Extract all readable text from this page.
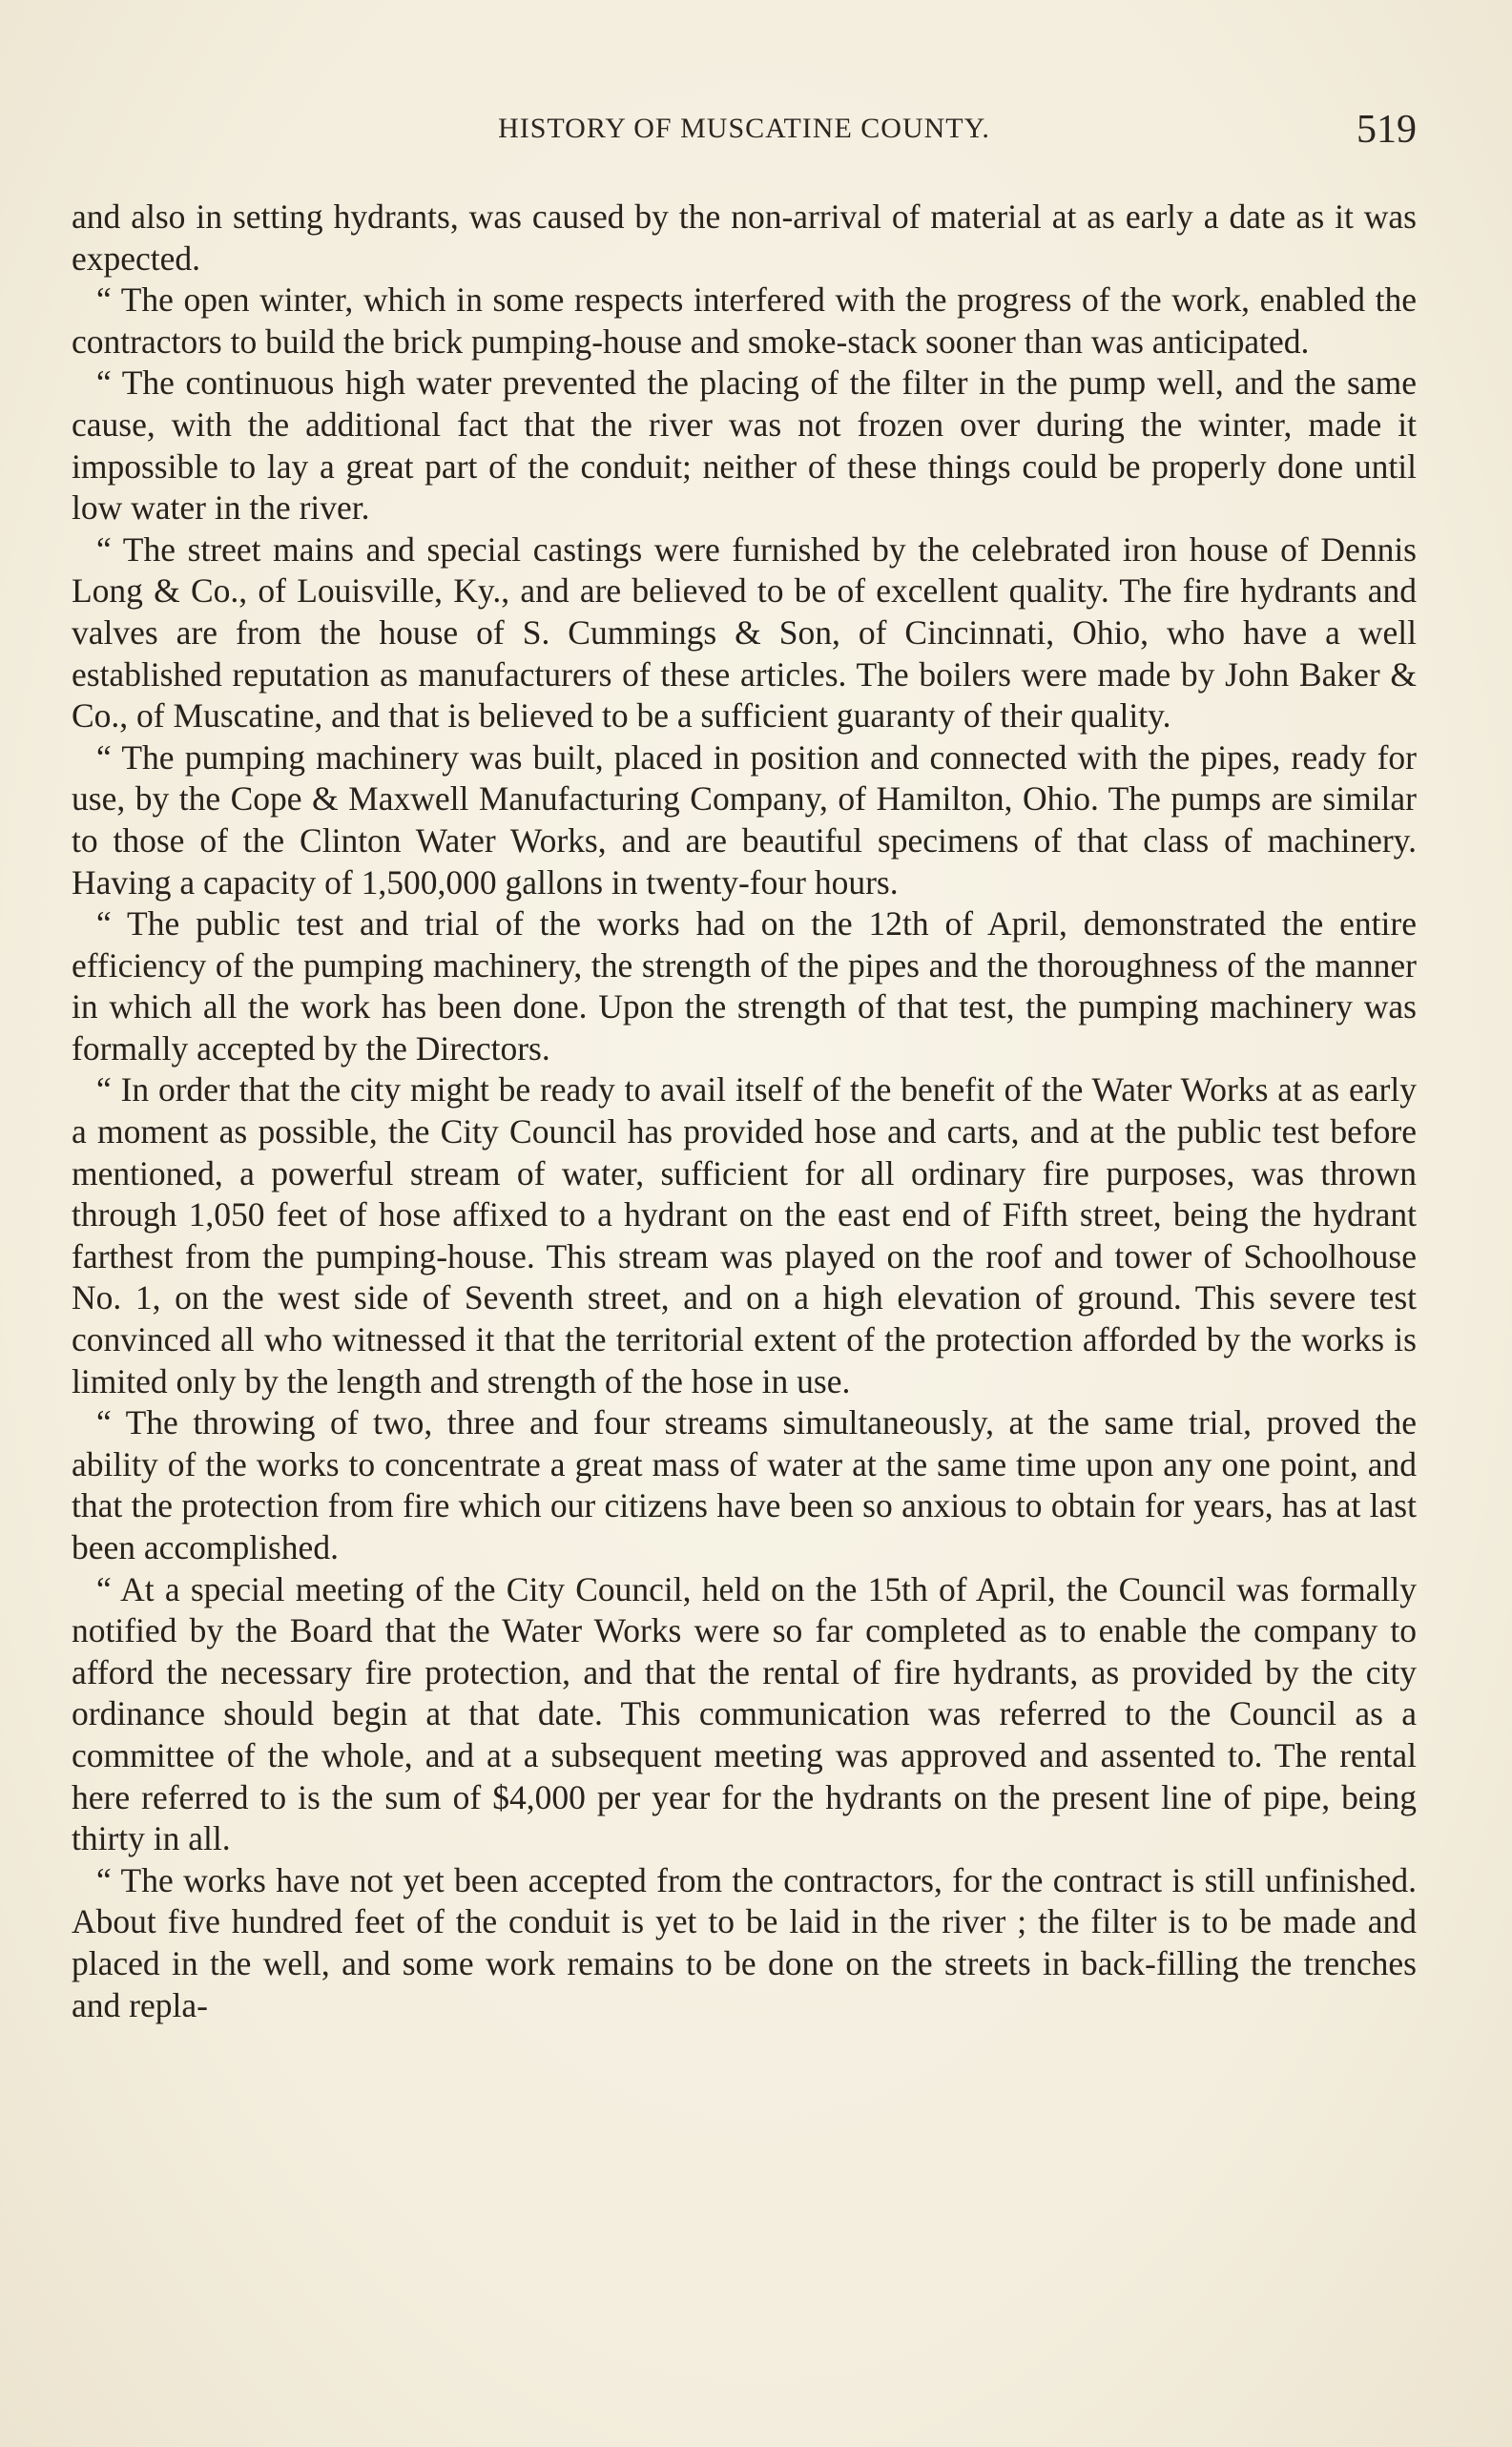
HISTORY OF MUSCATINE COUNTY.	519

and also in setting hydrants, was caused by the non-arrival of material at as early a date as it was expected.

“ The open winter, which in some respects interfered with the progress of the work, enabled the contractors to build the brick pumping-house and smoke-stack sooner than was anticipated.

“ The continuous high water prevented the placing of the filter in the pump well, and the same cause, with the additional fact that the river was not frozen over during the winter, made it impossible to lay a great part of the conduit; neither of these things could be properly done until low water in the river.

“ The street mains and special castings were furnished by the celebrated iron house of Dennis Long & Co., of Louisville, Ky., and are believed to be of excellent quality. The fire hydrants and valves are from the house of S. Cummings & Son, of Cincinnati, Ohio, who have a well established reputation as manufacturers of these articles. The boilers were made by John Baker & Co., of Muscatine, and that is believed to be a sufficient guaranty of their quality.

“ The pumping machinery was built, placed in position and connected with the pipes, ready for use, by the Cope & Maxwell Manufacturing Company, of Hamilton, Ohio. The pumps are similar to those of the Clinton Water Works, and are beautiful specimens of that class of machinery. Having a capacity of 1,500,000 gallons in twenty-four hours.

“ The public test and trial of the works had on the 12th of April, demonstrated the entire efficiency of the pumping machinery, the strength of the pipes and the thoroughness of the manner in which all the work has been done. Upon the strength of that test, the pumping machinery was formally accepted by the Directors.

“ In order that the city might be ready to avail itself of the benefit of the Water Works at as early a moment as possible, the City Council has provided hose and carts, and at the public test before mentioned, a powerful stream of water, sufficient for all ordinary fire purposes, was thrown through 1,050 feet of hose affixed to a hydrant on the east end of Fifth street, being the hydrant farthest from the pumping-house. This stream was played on the roof and tower of Schoolhouse No. 1, on the west side of Seventh street, and on a high elevation of ground. This severe test convinced all who witnessed it that the territorial extent of the protection afforded by the works is limited only by the length and strength of the hose in use.

“ The throwing of two, three and four streams simultaneously, at the same trial, proved the ability of the works to concentrate a great mass of water at the same time upon any one point, and that the protection from fire which our citizens have been so anxious to obtain for years, has at last been accomplished.

“ At a special meeting of the City Council, held on the 15th of April, the Council was formally notified by the Board that the Water Works were so far completed as to enable the company to afford the necessary fire protection, and that the rental of fire hydrants, as provided by the city ordinance should begin at that date. This communication was referred to the Council as a committee of the whole, and at a subsequent meeting was approved and assented to. The rental here referred to is the sum of $4,000 per year for the hydrants on the present line of pipe, being thirty in all.

“ The works have not yet been accepted from the contractors, for the contract is still unfinished. About five hundred feet of the conduit is yet to be laid in the river ; the filter is to be made and placed in the well, and some work remains to be done on the streets in back-filling the trenches and repla-
